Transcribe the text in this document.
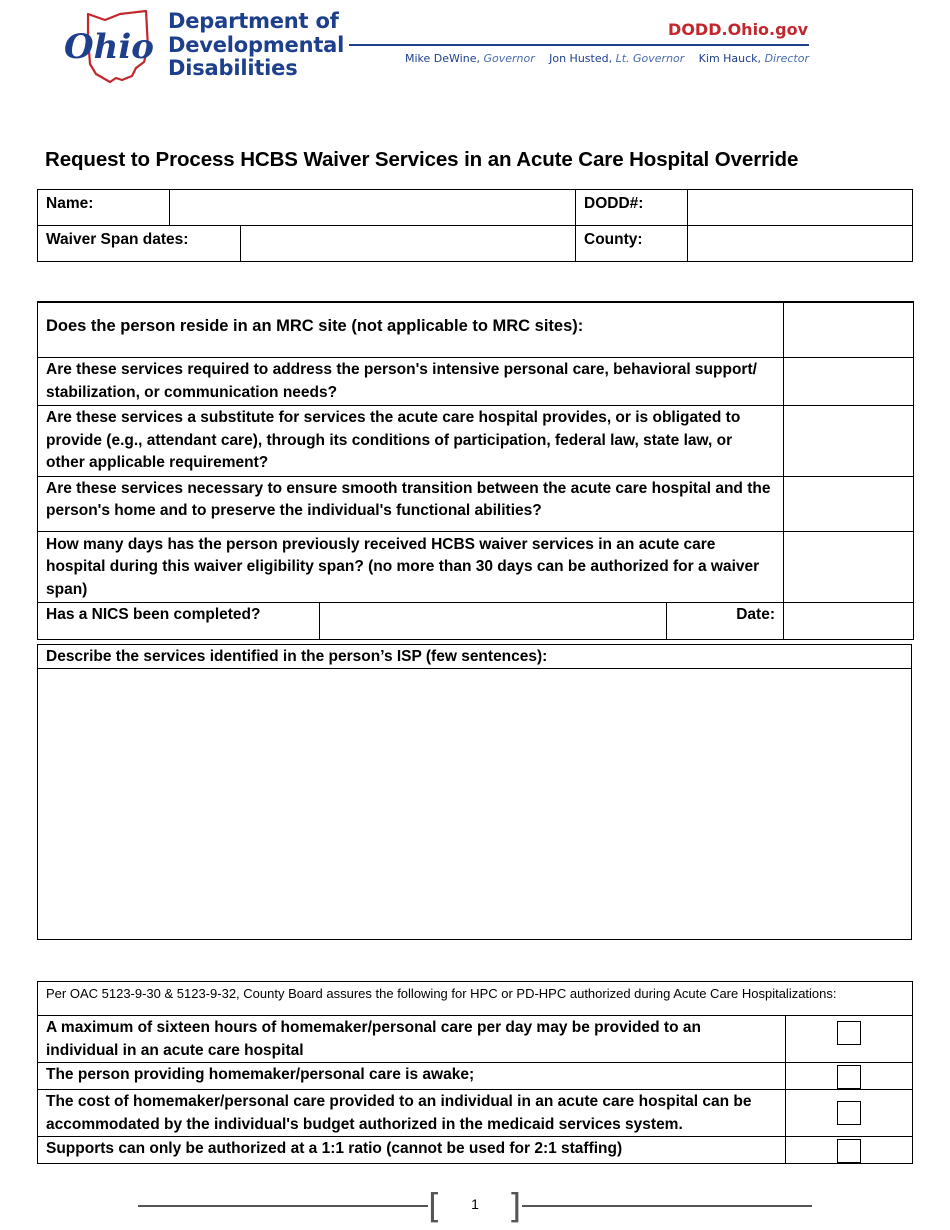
Ohio
Department of
Developmental
Disabilities
DODD.Ohio.gov
Mike DeWine, Governor Jon Husted, Lt. Governor Kim Hauck, Director
Request to Process HCBS Waiver Services in an Acute Care Hospital Override
Name:			DODD#:	
Waiver Span dates:			County:	
Does the person reside in an MRC site (not applicable to MRC sites):			
Are these services required to address the person's intensive personal care, behavioral support/ stabilization, or communication needs?			
Are these services a substitute for services the acute care hospital provides, or is obligated to provide (e.g., attendant care), through its conditions of participation, federal law, state law, or other applicable requirement?			
Are these services necessary to ensure smooth transition between the acute care hospital and the person's home and to preserve the individual's functional abilities?			
How many days has the person previously received HCBS waiver services in an acute care hospital during this waiver eligibility span? (no more than 30 days can be authorized for a waiver span)			
Has a NICS been completed?		Date:	
Describe the services identified in the person’s ISP (few sentences):

Per OAC 5123-9-30 & 5123-9-32, County Board assures the following for HPC or PD-HPC authorized during Acute Care Hospitalizations:	
A maximum of sixteen hours of homemaker/personal care per day may be provided to an individual in an acute care hospital	

The person providing homemaker/personal care is awake;	

The cost of homemaker/personal care provided to an individual in an acute care hospital can be accommodated by the individual's budget authorized in the medicaid services system.	

Supports can only be authorized at a 1:1 ratio (cannot be used for 2:1 staffing)	
[	1 ]
